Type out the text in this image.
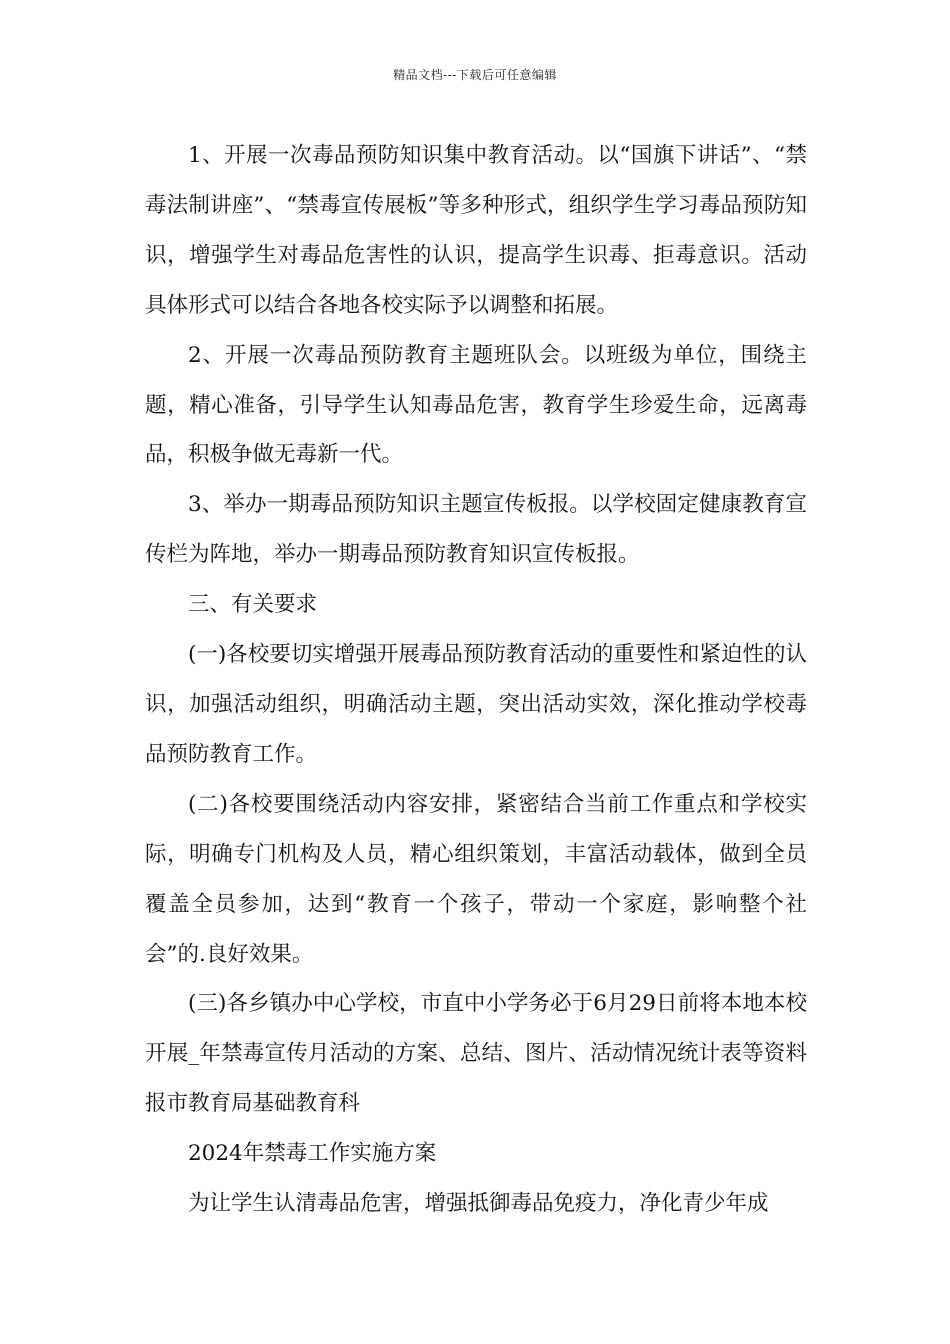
精品文档---下载后可任意编辑

1、开展一次毒品预防知识集中教育活动。以“国旗下讲话”、“禁毒法制讲座”、“禁毒宣传展板”等多种形式，组织学生学习毒品预防知识，增强学生对毒品危害性的认识，提高学生识毒、拒毒意识。活动具体形式可以结合各地各校实际予以调整和拓展。

2、开展一次毒品预防教育主题班队会。以班级为单位，围绕主题，精心准备，引导学生认知毒品危害，教育学生珍爱生命，远离毒品，积极争做无毒新一代。

3、举办一期毒品预防知识主题宣传板报。以学校固定健康教育宣传栏为阵地，举办一期毒品预防教育知识宣传板报。

三、有关要求

(一)各校要切实增强开展毒品预防教育活动的重要性和紧迫性的认识，加强活动组织，明确活动主题，突出活动实效，深化推动学校毒品预防教育工作。

(二)各校要围绕活动内容安排，紧密结合当前工作重点和学校实际，明确专门机构及人员，精心组织策划，丰富活动载体，做到全员覆盖全员参加，达到“教育一个孩子，带动一个家庭，影响整个社会”的.良好效果。

(三)各乡镇办中心学校，市直中小学务必于6月29日前将本地本校开展_年禁毒宣传月活动的方案、总结、图片、活动情况统计表等资料报市教育局基础教育科

2024年禁毒工作实施方案

为让学生认清毒品危害，增强抵御毒品免疫力，净化青少年成
